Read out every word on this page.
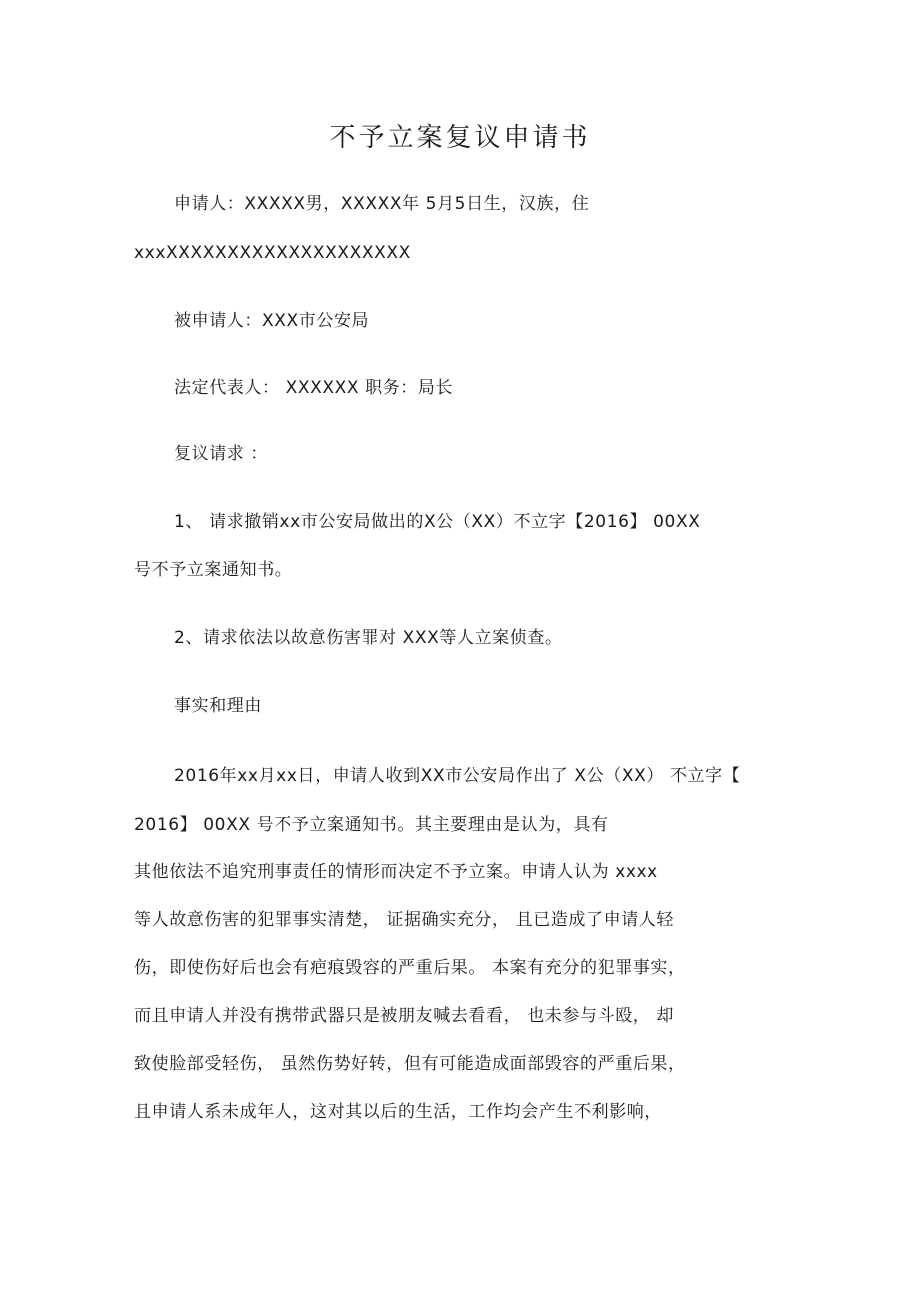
不予立案复议申请书
申请人：XXXXX男，XXXXX年 5月5日生，汉族，住
xxxXXXXXXXXXXXXXXXXXXXX
被申请人：XXX市公安局
法定代表人： XXXXXX 职务：局长
复议请求 ：
1、 请求撤销xx市公安局做出的X公（XX）不立字【2016】 00XX
号不予立案通知书。
2、请求依法以故意伤害罪对 XXX等人立案侦查。
事实和理由
2016年xx月xx日，申请人收到XX市公安局作出了 X公（XX） 不立字【
2016】 00XX 号不予立案通知书。其主要理由是认为，具有
其他依法不追究刑事责任的情形而决定不予立案。申请人认为 xxxx
等人故意伤害的犯罪事实清楚， 证据确实充分， 且已造成了申请人轻
伤，即使伤好后也会有疤痕毁容的严重后果。 本案有充分的犯罪事实，
而且申请人并没有携带武器只是被朋友喊去看看， 也未参与斗殴， 却
致使脸部受轻伤， 虽然伤势好转，但有可能造成面部毁容的严重后果，
且申请人系未成年人，这对其以后的生活，工作均会产生不利影响，
